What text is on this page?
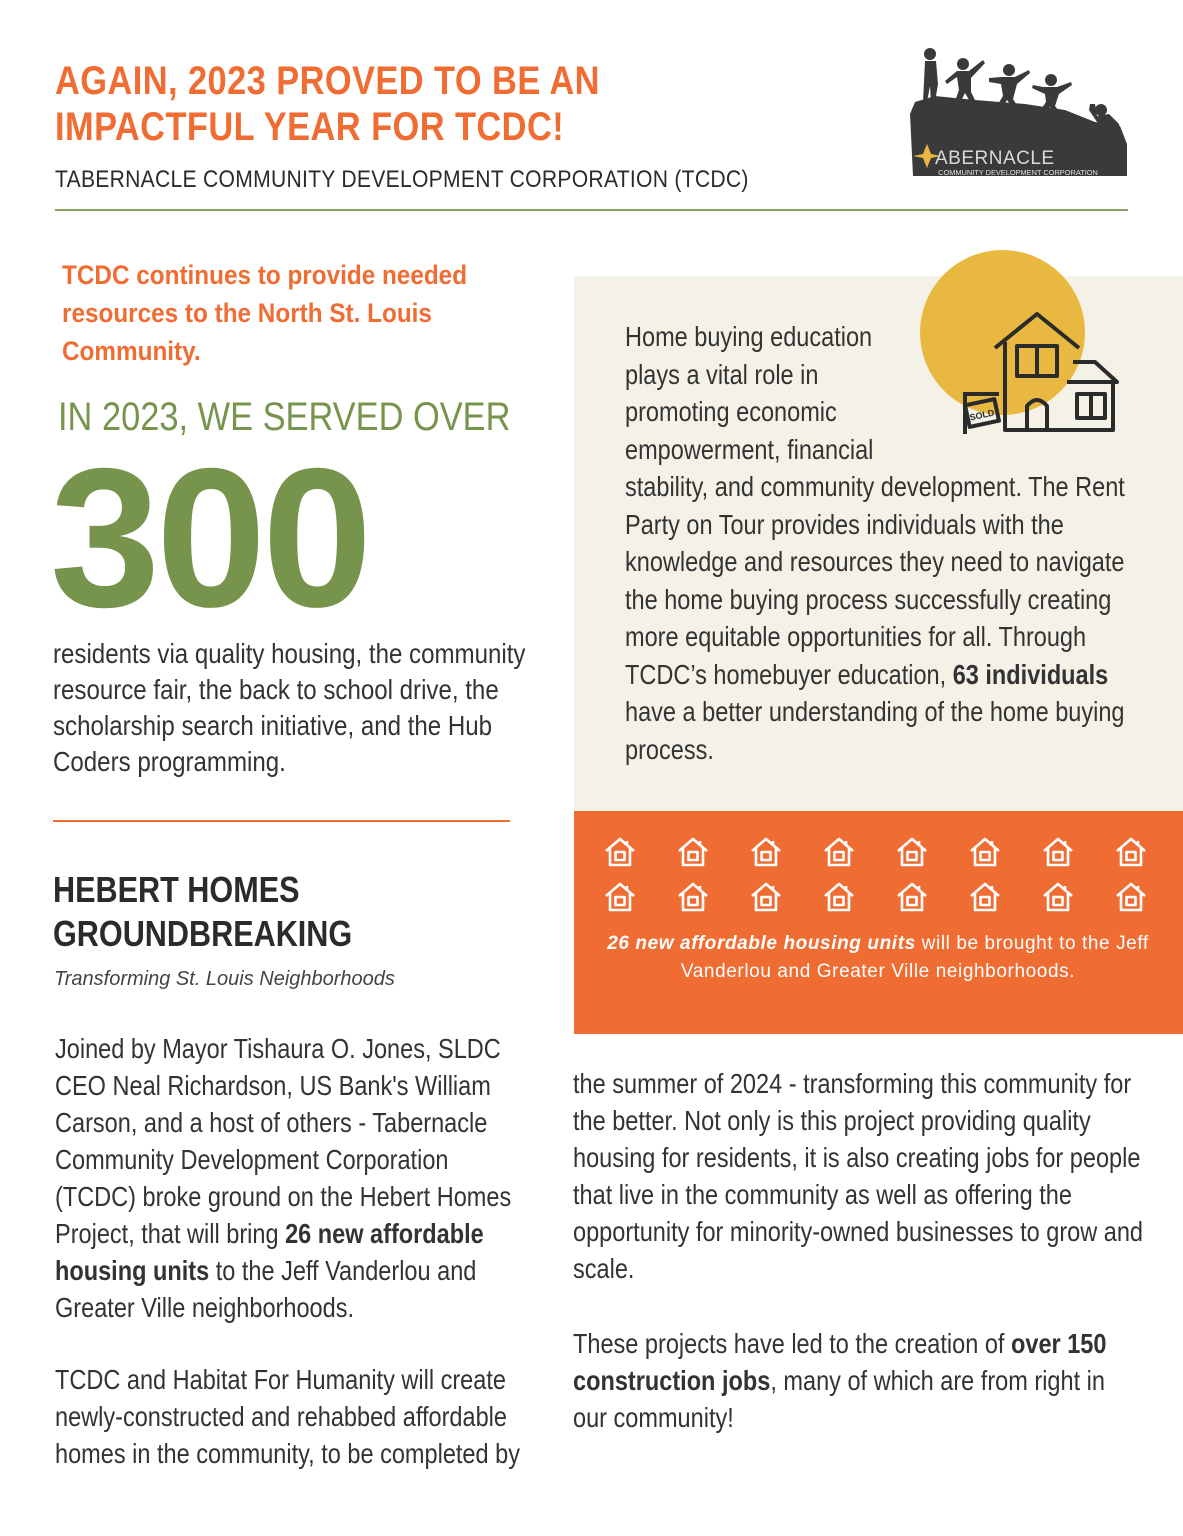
AGAIN, 2023 PROVED TO BE AN
IMPACTFUL YEAR FOR TCDC!
TABERNACLE COMMUNITY DEVELOPMENT CORPORATION (TCDC)
ABERNACLE
COMMUNITY DEVELOPMENT CORPORATION
TCDC continues to provide needed resources to the North St. Louis Community.
IN 2023, WE SERVED OVER
300
residents via quality housing, the community resource fair, the back to school drive, the scholarship search initiative, and the Hub Coders programming.
SOLD
Home buying education
plays a vital role in
promoting economic
empowerment, financial
stability, and community development. The Rent Party on Tour provides individuals with the knowledge and resources they need to navigate the home buying process successfully creating more equitable opportunities for all. Through TCDC’s homebuyer education, 63 individuals have a better understanding of the home buying process.
26 new affordable housing units will be brought to the Jeff Vanderlou and Greater Ville neighborhoods.
HEBERT HOMES GROUNDBREAKING
Transforming St. Louis Neighborhoods
Joined by Mayor Tishaura O. Jones, SLDC CEO Neal Richardson, US Bank's William Carson, and a host of others - Tabernacle Community Development Corporation (TCDC) broke ground on the Hebert Homes Project, that will bring 26 new affordable housing units to the Jeff Vanderlou and Greater Ville neighborhoods.
TCDC and Habitat For Humanity will create newly-constructed and rehabbed affordable homes in the community, to be completed by
the summer of 2024 - transforming this community for the better. Not only is this project providing quality housing for residents, it is also creating jobs for people that live in the community as well as offering the opportunity for minority-owned businesses to grow and scale.
These projects have led to the creation of over 150 construction jobs, many of which are from right in our community!
